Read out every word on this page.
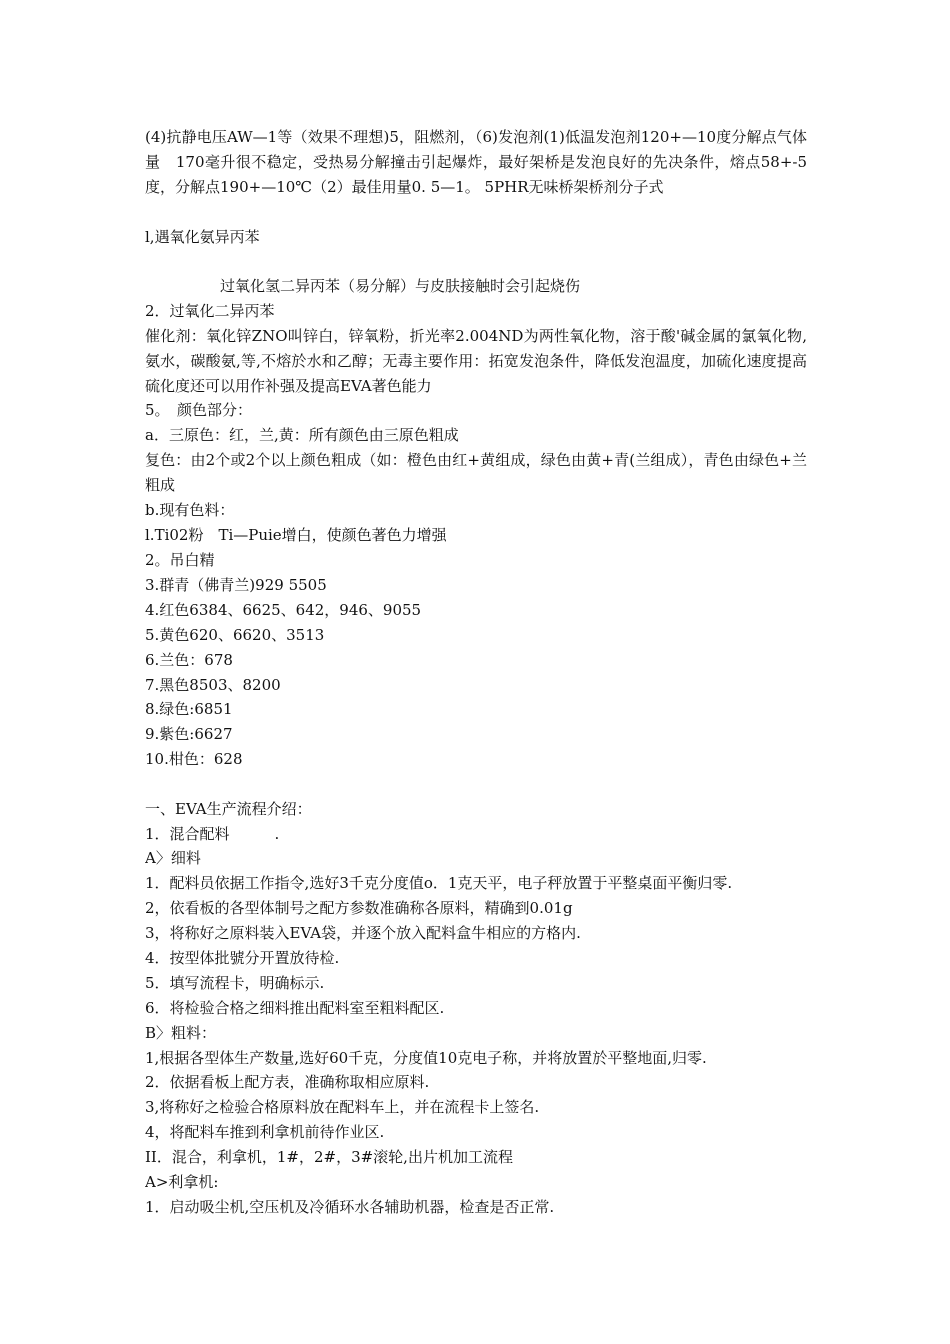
(4)抗静电压AW—1等（效果不理想)5，阻燃剂，（6)发泡剂(1)低温发泡剂120+—10度分解点气体量　170毫升很不稳定，受热易分解撞击引起爆炸，最好架桥是发泡良好的先决条件，熔点58+-5度，分解点190+—10℃（2）最佳用量0. 5—1。 5PHR无味桥架桥剂分子式
l,遇氧化氨异丙苯
　　　　　过氧化氢二异丙苯（易分解）与皮肤接触时会引起烧伤
2．过氧化二异丙苯
催化剂：氧化锌ZNO叫锌白，锌氧粉，折光率2.004ND为两性氧化物，溶于酸'碱金属的氯氧化物,氨水，碳酸氨,等,不熔於水和乙醇；无毒主要作用：拓宽发泡条件，降低发泡温度，加硫化速度提高硫化度还可以用作补强及提高EVA著色能力
5。　颜色部分：
a．三原色：红，兰,黄：所有颜色由三原色粗成
复色：由2个或2个以上颜色粗成（如：橙色由红+黄组成，绿色由黄+青(兰组成），青色由绿色+兰粗成
b.现有色料：
l.Ti02粉　Ti—Puie增白，使颜色著色力增强
2。吊白精
3.群青（佛青兰)929 5505
4.红色6384、6625、642，946、9055
5.黄色620、6620、3513
6.兰色：678
7.黑色8503、8200
8.绿色:6851
9.紫色:6627
10.柑色：628
一、EVA生产流程介绍：
1．混合配料　　　.
A〉细料
1．配料员依据工作指令,选好3千克分度值o．1克天平，电子秤放置于平整桌面平衡归零.
2，依看板的各型体制号之配方参数准确称各原料，精确到0.01g
3，将称好之原料装入EVA袋，并逐个放入配料盒牛相应的方格内.
4．按型体批號分开置放待检.
5．填写流程卡，明确标示.
6．将检验合格之细料推出配料室至粗料配区.
B〉粗料：
1,根据各型体生产数量,选好60千克，分度值10克电子称，并将放置於平整地面,归零.
2．依据看板上配方表，准确称取相应原料.
3,将称好之检验合格原料放在配料车上，并在流程卡上签名.
4，将配料车推到利拿机前待作业区.
II．混合，利拿机，1#，2#，3#滚轮,出片机加工流程
A>利拿机:
1．启动吸尘机,空压机及冷循环水各辅助机器，检查是否正常.
